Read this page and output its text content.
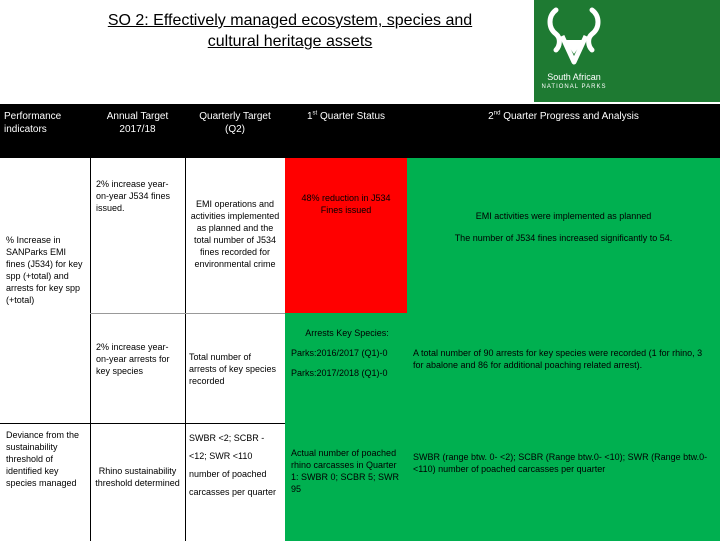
SO 2: Effectively managed ecosystem, species and
cultural heritage assets
South African
NATIONAL PARKS
Performance indicators
Annual Target 2017/18
Quarterly Target (Q2)
1st Quarter Status	2nd Quarter Progress and Analysis
% Increase in SANParks EMI fines (J534) for key spp (+total) and arrests for key spp (+total)
2% increase year-on-year J534 fines issued.	EMI operations and activities implemented as planned and the total number of J534 fines recorded for environmental crime
48% reduction in J534 Fines issued
EMI activities were implemented as planned
The number of J534 fines increased significantly to 54.
2% increase year-on-year arrests for key species
Total number of arrests of key species recorded
Arrests Key Species:
Parks:2016/2017 (Q1)-0
Parks:2017/2018 (Q1)-0
A total number of 90 arrests for key species were recorded (1 for rhino, 3 for abalone and 86 for additional poaching related arrest).
Deviance from the sustainability threshold of identified key species managed
Rhino sustainability threshold determined
SWBR <2; SCBR - <12; SWR <110 number of poached carcasses per quarter
Actual number of poached rhino carcasses in Quarter 1: SWBR 0; SCBR 5; SWR 95
SWBR (range btw. 0- <2); SCBR (Range btw.0- <10); SWR (Range btw.0- <110) number of poached carcasses per quarter
